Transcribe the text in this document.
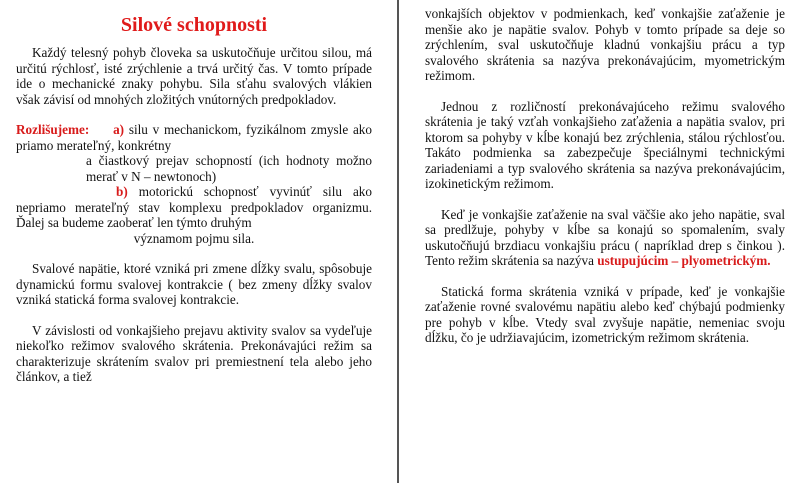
Silové schopnosti

Každý telesný pohyb človeka sa uskutočňuje určitou silou, má určitú rýchlosť, isté zrýchlenie a trvá určitý čas. V tomto prípade ide o mechanické znaky pohybu. Sila sťahu svalových vlákien však závisí od mnohých zložitých vnútorných predpokladov.

Rozlišujeme: a) silu v mechanickom, fyzikálnom zmysle ako priamo merateľný, konkrétny

a čiastkový prejav schopností (ich hodnoty možno merať v N – newtonoch)

b) motorickú schopnosť vyvinúť silu ako nepriamo merateľný stav komplexu predpokladov organizmu. Ďalej sa budeme zaoberať len týmto druhým

významom pojmu sila.

Svalové napätie, ktoré vzniká pri zmene dĺžky svalu, spôsobuje dynamickú formu svalovej kontrakcie ( bez zmeny dĺžky svalov vzniká statická forma svalovej kontrakcie.

V závislosti od vonkajšieho prejavu aktivity svalov sa vydeľuje niekoľko režimov svalového skrátenia. Prekonávajúci režim sa charakterizuje skrátením svalov pri premiestnení tela alebo jeho článkov, a tiež

vonkajších objektov v podmienkach, keď vonkajšie zaťaženie je menšie ako je napätie svalov. Pohyb v tomto prípade sa deje so zrýchlením, sval uskutočňuje kladnú vonkajšiu prácu a typ svalového skrátenia sa nazýva prekonávajúcim, myometrickým režimom.

Jednou z rozličností prekonávajúceho režimu svalového skrátenia je taký vzťah vonkajšieho zaťaženia a napätia svalov, pri ktorom sa pohyby v kĺbe konajú bez zrýchlenia, stálou rýchlosťou. Takáto podmienka sa zabezpečuje špeciálnymi technickými zariadeniami a typ svalového skrátenia sa nazýva prekonávajúcim, izokinetickým režimom.

Keď je vonkajšie zaťaženie na sval väčšie ako jeho napätie, sval sa predlžuje, pohyby v kĺbe sa konajú so spomalením, svaly uskutočňujú brzdiacu vonkajšiu prácu ( napríklad drep s činkou ). Tento režim skrátenia sa nazýva ustupujúcim – plyometrickým.

Statická forma skrátenia vzniká v prípade, keď je vonkajšie zaťaženie rovné svalovému napätiu alebo keď chýbajú podmienky pre pohyb v kĺbe. Vtedy sval zvyšuje napätie, nemeniac svoju dĺžku, čo je udržiavajúcim, izometrickým režimom skrátenia.
